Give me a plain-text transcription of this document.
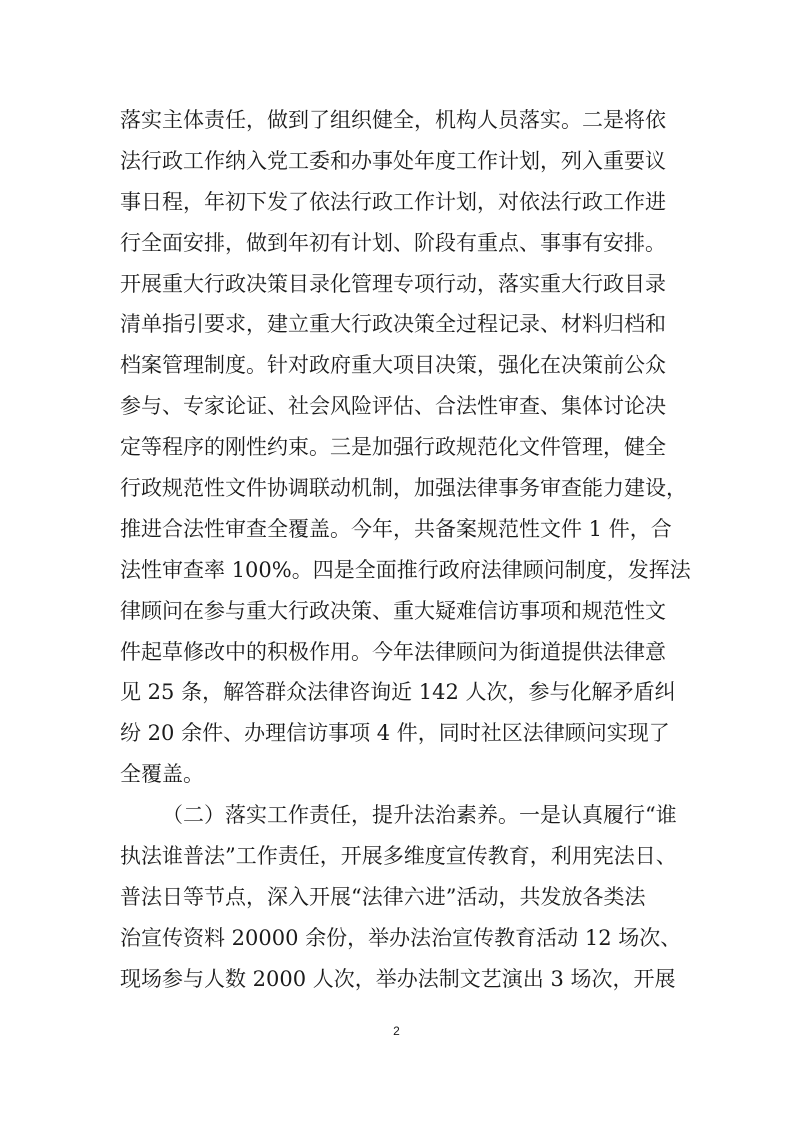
落实主体责任，做到了组织健全，机构人员落实。二是将依
法行政工作纳入党工委和办事处年度工作计划，列入重要议
事日程，年初下发了依法行政工作计划，对依法行政工作进
行全面安排，做到年初有计划、阶段有重点、事事有安排。
开展重大行政决策目录化管理专项行动，落实重大行政目录
清单指引要求，建立重大行政决策全过程记录、材料归档和
档案管理制度。针对政府重大项目决策，强化在决策前公众
参与、专家论证、社会风险评估、合法性审查、集体讨论决
定等程序的刚性约束。三是加强行政规范化文件管理，健全
行政规范性文件协调联动机制，加强法律事务审查能力建设，
推进合法性审查全覆盖。今年，共备案规范性文件 1 件，合
法性审查率 100%。四是全面推行政府法律顾问制度，发挥法
律顾问在参与重大行政决策、重大疑难信访事项和规范性文
件起草修改中的积极作用。今年法律顾问为街道提供法律意
见 25 条，解答群众法律咨询近 142 人次，参与化解矛盾纠
纷 20 余件、办理信访事项 4 件，同时社区法律顾问实现了
全覆盖。
（二）落实工作责任，提升法治素养。一是认真履行“谁
执法谁普法”工作责任，开展多维度宣传教育，利用宪法日、
普法日等节点，深入开展“法律六进”活动，共发放各类法
治宣传资料 20000 余份，举办法治宣传教育活动 12 场次、
现场参与人数 2000 人次，举办法制文艺演出 3 场次，开展
2
